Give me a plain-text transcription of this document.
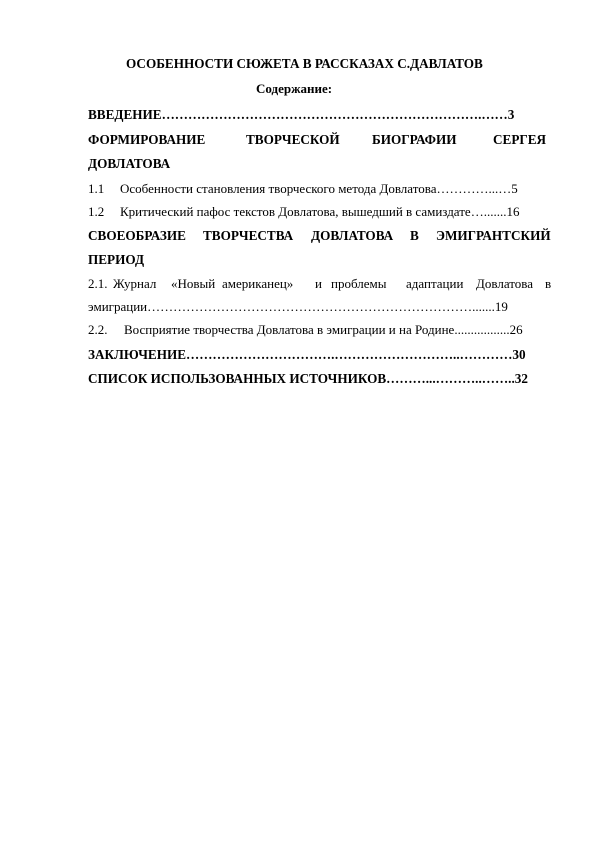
ОСОБЕННОСТИ СЮЖЕТА В РАССКАЗАХ С.ДАВЛАТОВ
Содержание:
ВВЕДЕНИЕ……………………………………………………………….……3
ФОРМИРОВАНИЕ	ТВОРЧЕСКОЙ БИОГРАФИИ	СЕРГЕЯ
ДОВЛАТОВА
1.1 Особенности становления творческого метода Довлатова…………...…5
1.2 Критический пафос текстов Довлатова, вышедший в самиздате….......16
СВОЕОБРАЗИЕ ТВОРЧЕСТВА ДОВЛАТОВА В ЭМИГРАНТСКИЙ
ПЕРИОД
2.1. Журнал «Новый американец» и проблемы адаптации Довлатова в
эмиграции………………………………………………………………….......19
2.2. Восприятие творчества Довлатова в эмиграции и на Родине.................26
ЗАКЛЮЧЕНИЕ…………………………….………………………..…………30
СПИСОК ИСПОЛЬЗОВАННЫХ ИСТОЧНИКОВ………...………..……..32
